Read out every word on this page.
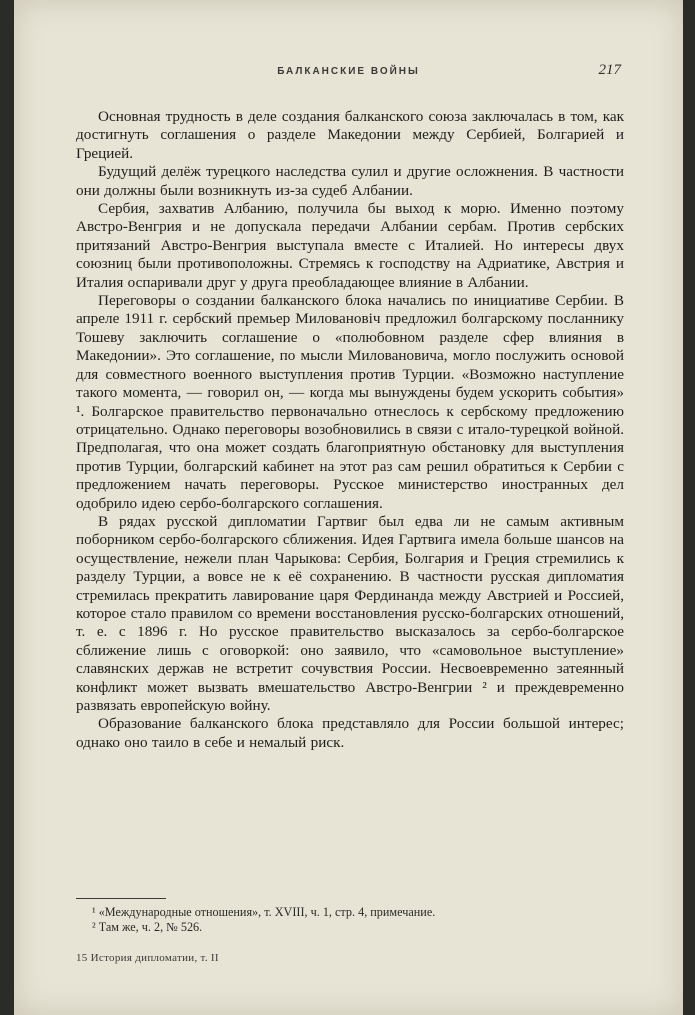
БАЛКАНСКИЕ ВОЙНЫ	217

Основная трудность в деле создания балканского союза заключалась в том, как достигнуть соглашения о разделе Македонии между Сербией, Болгарией и Грецией.

Будущий делёж турецкого наследства сулил и другие осложнения. В частности они должны были возникнуть из-за судеб Албании.

Сербия, захватив Албанию, получила бы выход к морю. Именно поэтому Австро-Венгрия и не допускала передачи Албании сербам. Против сербских притязаний Австро-Венгрия выступала вместе с Италией. Но интересы двух союзниц были противоположны. Стремясь к господству на Адриатике, Австрия и Италия оспаривали друг у друга преобладающее влияние в Албании.

Переговоры о создании балканского блока начались по инициативе Сербии. В апреле 1911 г. сербский премьер Миловановіч предложил болгарскому посланнику Тошеву заключить соглашение о «полюбовном разделе сфер влияния в Македонии». Это соглашение, по мысли Миловановича, могло послужить основой для совместного военного выступления против Турции. «Возможно наступление такого момента, — говорил он, — когда мы вынуждены будем ускорить события» ¹. Болгарское правительство первоначально отнеслось к сербскому предложению отрицательно. Однако переговоры возобновились в связи с итало-турецкой войной. Предполагая, что она может создать благоприятную обстановку для выступления против Турции, болгарский кабинет на этот раз сам решил обратиться к Сербии с предложением начать переговоры. Русское министерство иностранных дел одобрило идею сербо-болгарского соглашения.

В рядах русской дипломатии Гартвиг был едва ли не самым активным поборником сербо-болгарского сближения. Идея Гартвига имела больше шансов на осуществление, нежели план Чарыкова: Сербия, Болгария и Греция стремились к разделу Турции, а вовсе не к её сохранению. В частности русская дипломатия стремилась прекратить лавирование царя Фердинанда между Австрией и Россией, которое стало правилом со времени восстановления русско-болгарских отношений, т. е. с 1896 г. Но русское правительство высказалось за сербо-болгарское сближение лишь с оговоркой: оно заявило, что «самовольное выступление» славянских держав не встретит сочувствия России. Несвоевременно затеянный конфликт может вызвать вмешательство Австро-Венгрии ² и преждевременно развязать европейскую войну.

Образование балканского блока представляло для России большой интерес; однако оно таило в себе и немалый риск.

¹ «Международные отношения», т. XVIII, ч. 1, стр. 4, примечание.

² Там же, ч. 2, № 526.

15 История дипломатии, т. II
